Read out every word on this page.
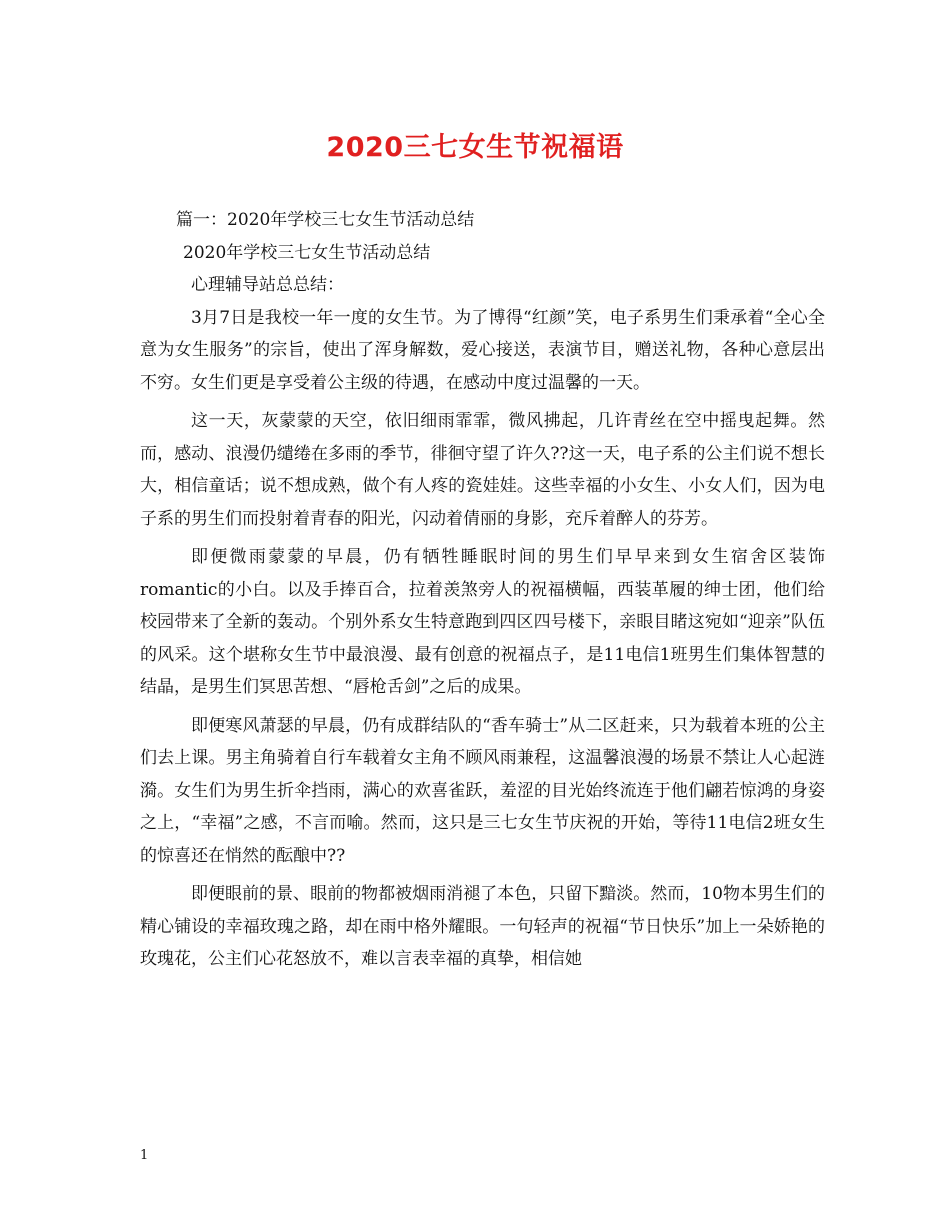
2020三七女生节祝福语

篇一：2020年学校三七女生节活动总结

2020年学校三七女生节活动总结

心理辅导站总总结：

3月7日是我校一年一度的女生节。为了博得“红颜”笑，电子系男生们秉承着“全心全意为女生服务”的宗旨，使出了浑身解数，爱心接送，表演节目，赠送礼物，各种心意层出不穷。女生们更是享受着公主级的待遇，在感动中度过温馨的一天。

这一天，灰蒙蒙的天空，依旧细雨霏霏，微风拂起，几许青丝在空中摇曳起舞。然而，感动、浪漫仍缱绻在多雨的季节，徘徊守望了许久??这一天，电子系的公主们说不想长大，相信童话；说不想成熟，做个有人疼的瓷娃娃。这些幸福的小女生、小女人们，因为电子系的男生们而投射着青春的阳光，闪动着倩丽的身影，充斥着醉人的芬芳。

即便微雨蒙蒙的早晨，仍有牺牲睡眠时间的男生们早早来到女生宿舍区装饰romantic的小白。以及手捧百合，拉着羡煞旁人的祝福横幅，西装革履的绅士团，他们给校园带来了全新的轰动。个别外系女生特意跑到四区四号楼下，亲眼目睹这宛如“迎亲”队伍的风采。这个堪称女生节中最浪漫、最有创意的祝福点子，是11电信1班男生们集体智慧的结晶，是男生们冥思苦想、“唇枪舌剑”之后的成果。

即便寒风萧瑟的早晨，仍有成群结队的“香车骑士”从二区赶来，只为载着本班的公主们去上课。男主角骑着自行车载着女主角不顾风雨兼程，这温馨浪漫的场景不禁让人心起涟漪。女生们为男生折伞挡雨，满心的欢喜雀跃，羞涩的目光始终流连于他们翩若惊鸿的身姿之上，“幸福”之感，不言而喻。然而，这只是三七女生节庆祝的开始，等待11电信2班女生的惊喜还在悄然的酝酿中??

即便眼前的景、眼前的物都被烟雨消褪了本色，只留下黯淡。然而，10物本男生们的精心铺设的幸福玫瑰之路，却在雨中格外耀眼。一句轻声的祝福“节日快乐”加上一朵娇艳的玫瑰花，公主们心花怒放不，难以言表幸福的真挚，相信她

1
